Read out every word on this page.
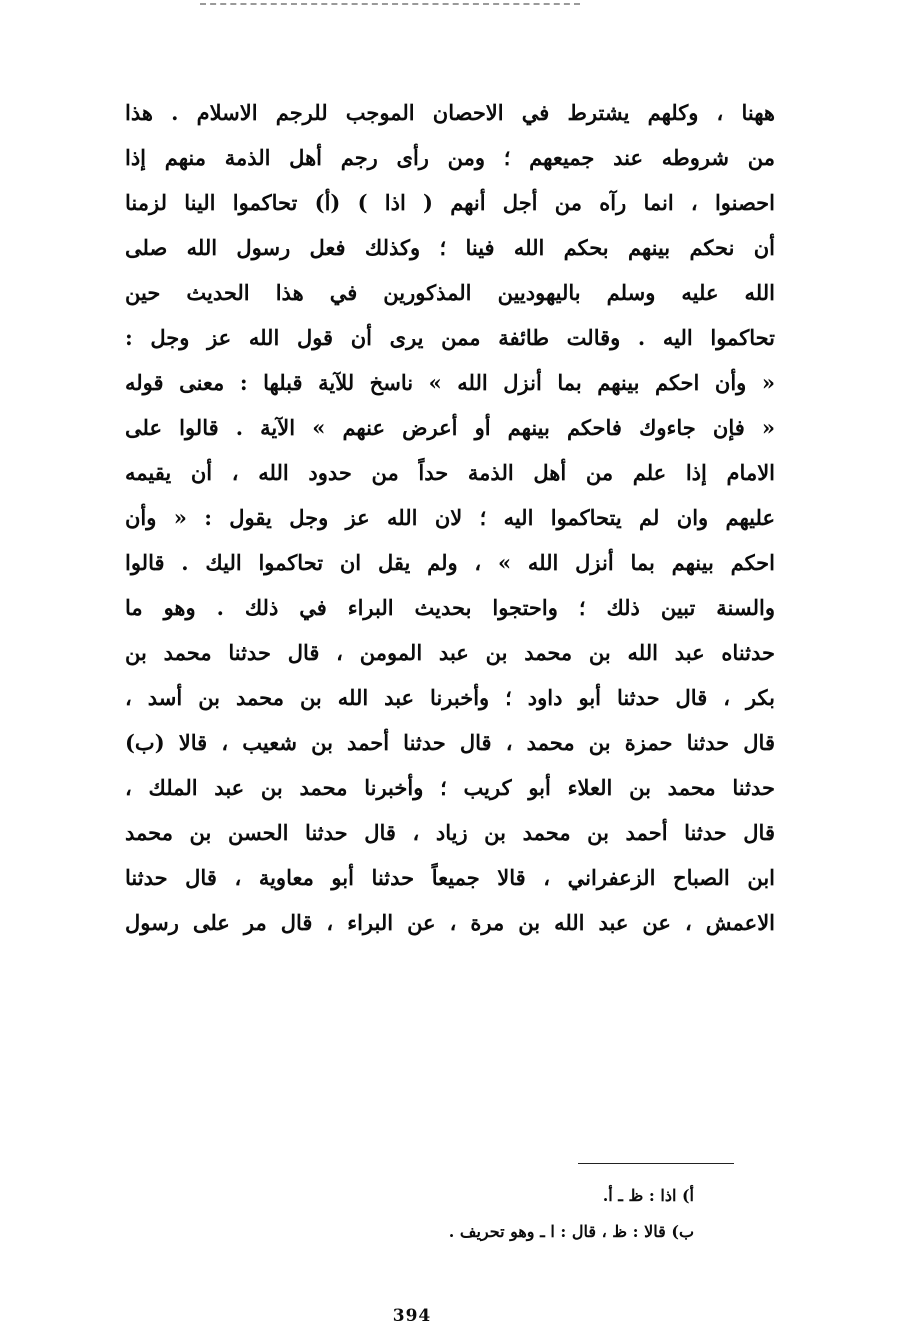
ههنا ، وكلهم يشترط في الاحصان الموجب للرجم الاسلام . هذا
من شروطه عند جميعهم ؛ ومن رأى رجم أهل الذمة منهم إذا
احصنوا ، انما رآه من أجل أنهم ( اذا ) (أ) تحاكموا الينا لزمنا
أن نحكم بينهم بحكم الله فينا ؛ وكذلك فعل رسول الله صلى
الله عليه وسلم باليهوديين المذكورين في هذا الحديث حين
تحاكموا اليه . وقالت طائفة ممن يرى أن قول الله عز وجل :
« وأن احكم بينهم بما أنزل الله » ناسخ للآية قبلها : معنى قوله
« فإن جاءوك فاحكم بينهم أو أعرض عنهم » الآية . قالوا على
الامام إذا علم من أهل الذمة حداً من حدود الله ، أن يقيمه
عليهم وان لم يتحاكموا اليه ؛ لان الله عز وجل يقول : « وأن
احكم بينهم بما أنزل الله » ، ولم يقل ان تحاكموا اليك . قالوا
والسنة تبين ذلك ؛ واحتجوا بحديث البراء في ذلك . وهو ما
حدثناه عبد الله بن محمد بن عبد المومن ، قال حدثنا محمد بن
بكر ، قال حدثنا أبو داود ؛ وأخبرنا عبد الله بن محمد بن أسد ،
قال حدثنا حمزة بن محمد ، قال حدثنا أحمد بن شعيب ، قالا (ب)
حدثنا محمد بن العلاء أبو كريب ؛ وأخبرنا محمد بن عبد الملك ،
قال حدثنا أحمد بن محمد بن زياد ، قال حدثنا الحسن بن محمد
ابن الصباح الزعفراني ، قالا جميعاً حدثنا أبو معاوية ، قال حدثنا
الاعمش ، عن عبد الله بن مرة ، عن البراء ، قال مر على رسول
أ) اذا : ظ ـ أ.
ب) قالا : ظ ، قال : ا ـ وهو تحريف .
394
